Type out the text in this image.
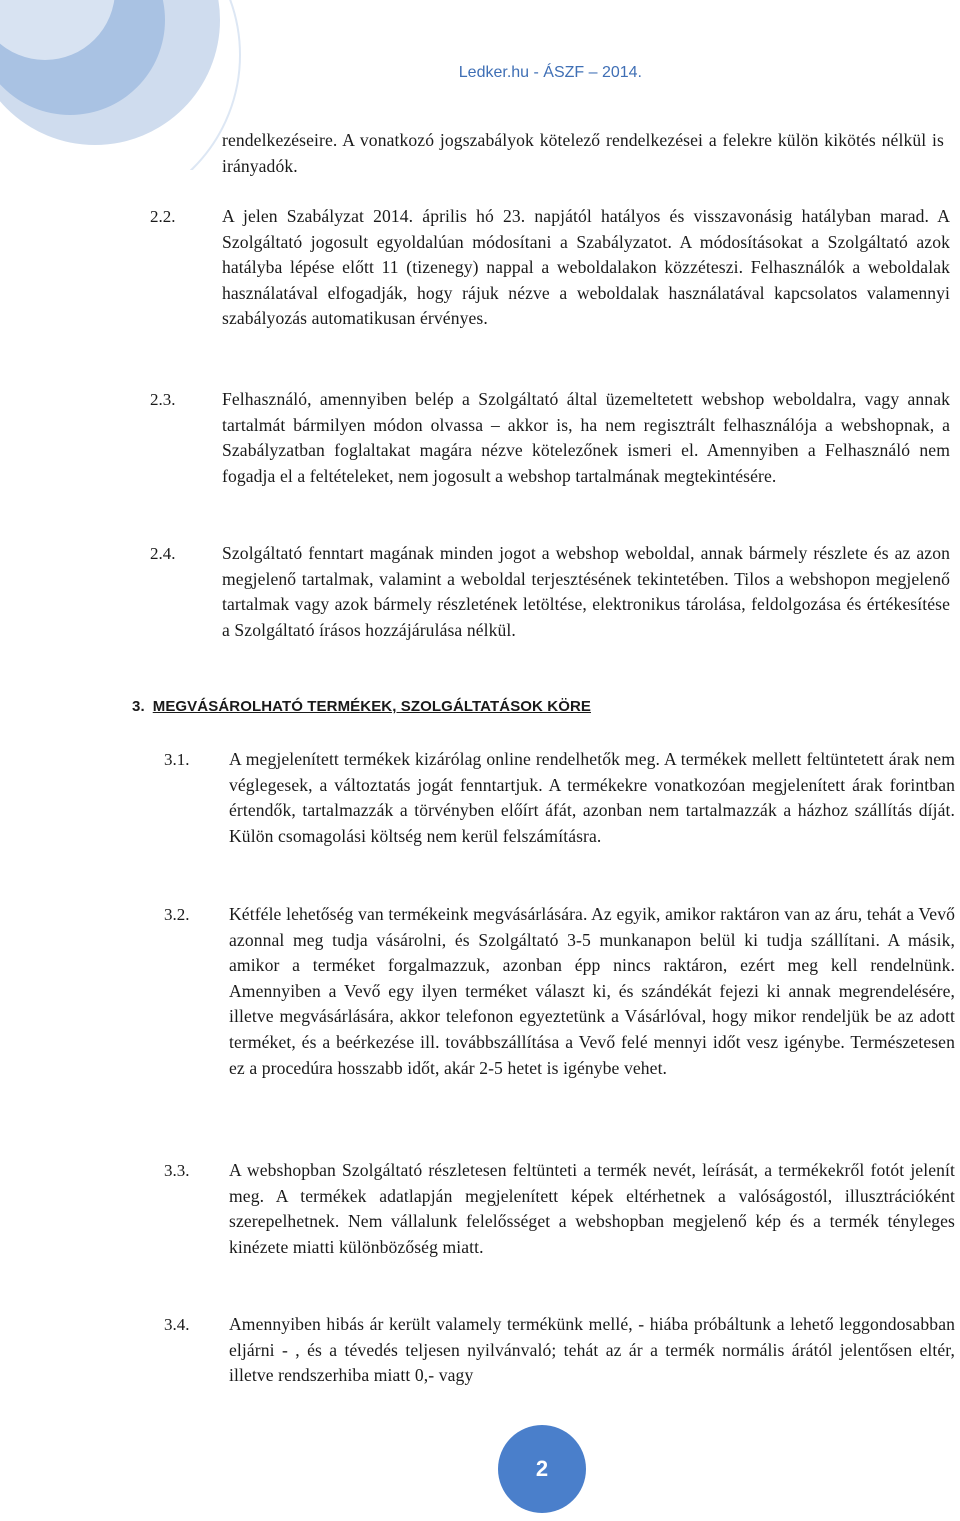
Ledker.hu - ÁSZF – 2014.
rendelkezéseire. A vonatkozó jogszabályok kötelező rendelkezései a felekre külön kikötés nélkül is irányadók.
2.2.	A jelen Szabályzat 2014. április hó 23. napjától hatályos és visszavonásig hatályban marad. A Szolgáltató jogosult egyoldalúan módosítani a Szabályzatot. A módosításokat a Szolgáltató azok hatályba lépése előtt 11 (tizenegy) nappal a weboldalakon közzéteszi. Felhasználók a weboldalak használatával elfogadják, hogy rájuk nézve a weboldalak használatával kapcsolatos valamennyi szabályozás automatikusan érvényes.
2.3.	Felhasználó, amennyiben belép a Szolgáltató által üzemeltetett webshop weboldalra, vagy annak tartalmát bármilyen módon olvassa – akkor is, ha nem regisztrált felhasználója a webshopnak, a Szabályzatban foglaltakat magára nézve kötelezőnek ismeri el. Amennyiben a Felhasználó nem fogadja el a feltételeket, nem jogosult a webshop tartalmának megtekintésére.
2.4.	Szolgáltató fenntart magának minden jogot a webshop weboldal, annak bármely részlete és az azon megjelenő tartalmak, valamint a weboldal terjesztésének tekintetében. Tilos a webshopon megjelenő tartalmak vagy azok bármely részletének letöltése, elektronikus tárolása, feldolgozása és értékesítése a Szolgáltató írásos hozzájárulása nélkül.
3. MEGVÁSÁROLHATÓ TERMÉKEK, SZOLGÁLTATÁSOK KÖRE
3.1. A megjelenített termékek kizárólag online rendelhetők meg. A termékek mellett feltüntetett árak nem véglegesek, a változtatás jogát fenntartjuk. A termékekre vonatkozóan megjelenített árak forintban értendők, tartalmazzák a törvényben előírt áfát, azonban nem tartalmazzák a házhoz szállítás díját. Külön csomagolási költség nem kerül felszámításra.
3.2. Kétféle lehetőség van termékeink megvásárlására. Az egyik, amikor raktáron van az áru, tehát a Vevő azonnal meg tudja vásárolni, és Szolgáltató 3-5 munkanapon belül ki tudja szállítani. A másik, amikor a terméket forgalmazzuk, azonban épp nincs raktáron, ezért meg kell rendelnünk. Amennyiben a Vevő egy ilyen terméket választ ki, és szándékát fejezi ki annak megrendelésére, illetve megvásárlására, akkor telefonon egyeztetünk a Vásárlóval, hogy mikor rendeljük be az adott terméket, és a beérkezése ill. továbbszállítása a Vevő felé mennyi időt vesz igénybe. Természetesen ez a procedúra hosszabb időt, akár 2-5 hetet is igénybe vehet.
3.3. A webshopban Szolgáltató részletesen feltünteti a termék nevét, leírását, a termékekről fotót jelenít meg. A termékek adatlapján megjelenített képek eltérhetnek a valóságostól, illusztrációként szerepelhetnek. Nem vállalunk felelősséget a webshopban megjelenő kép és a termék tényleges kinézete miatti különbözőség miatt.
3.4. Amennyiben hibás ár került valamely termékünk mellé, - hiába próbáltunk a lehető leggondosabban eljárni - , és a tévedés teljesen nyilvánvaló; tehát az ár a termék normális árától jelentősen eltér, illetve rendszerhiba miatt 0,- vagy
2
